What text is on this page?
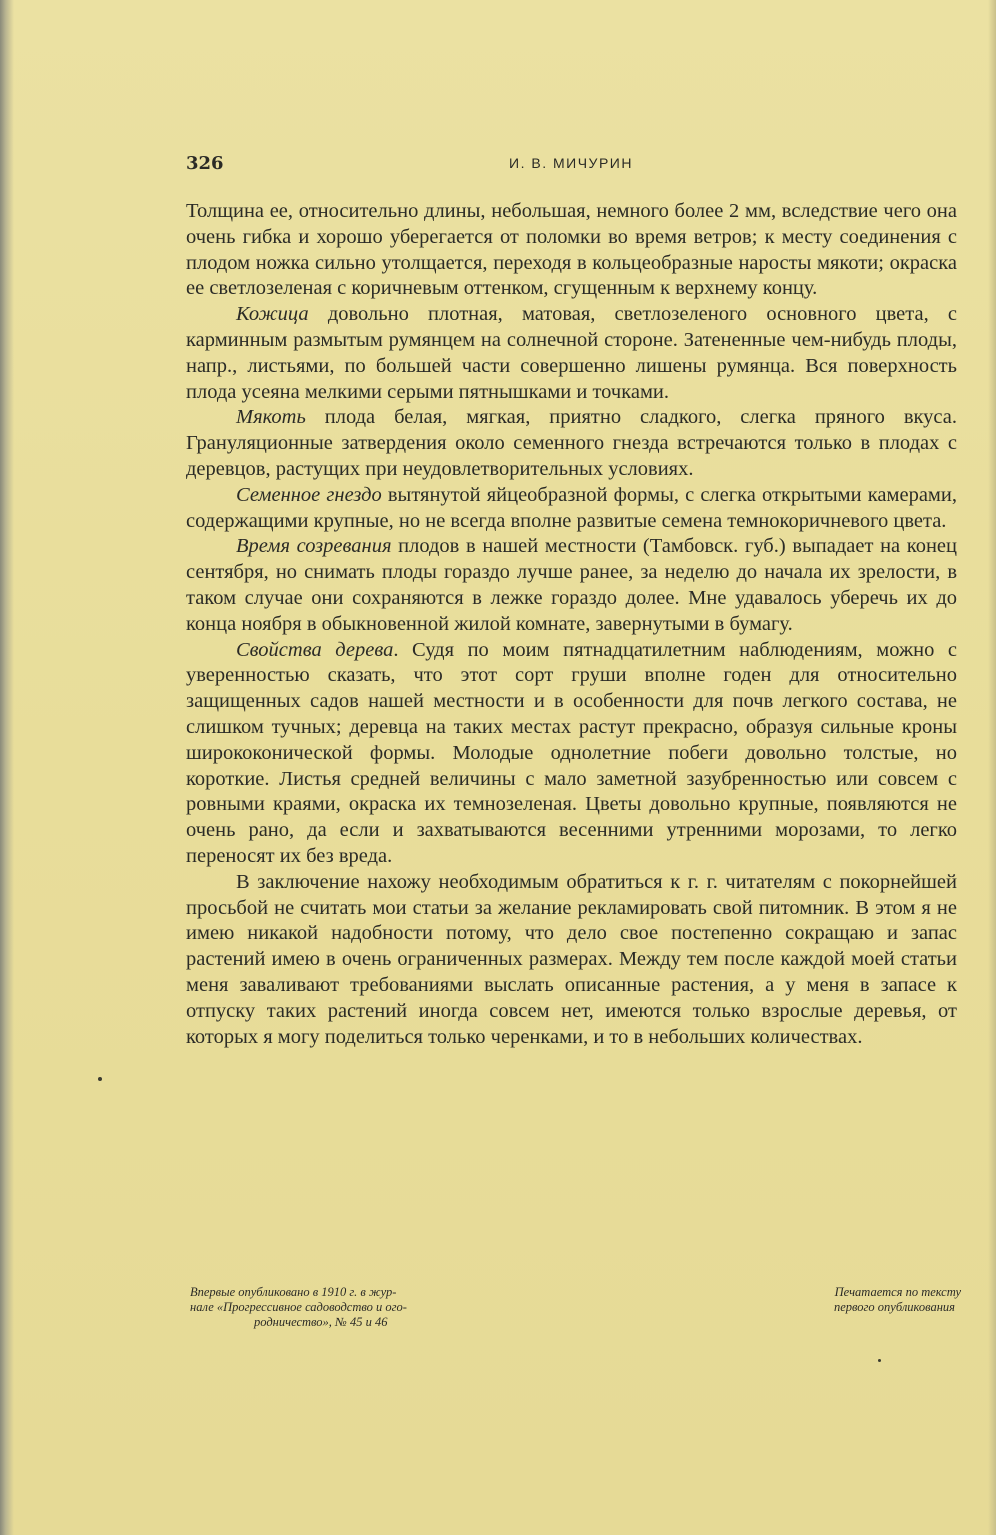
326	И. В. МИЧУРИН

Толщина ее, относительно длины, небольшая, немного более 2 мм, вследствие чего она очень гибка и хорошо уберегается от поломки во время ветров; к месту соединения с плодом ножка сильно утолщается, переходя в кольцеобразные наросты мякоти; окраска ее светлозеленая с коричневым оттенком, сгущенным к верхнему концу.

Кожица довольно плотная, матовая, светлозеленого основного цвета, с карминным размытым румянцем на солнечной стороне. Затененные чем-нибудь плоды, напр., листьями, по большей части совершенно лишены румянца. Вся поверхность плода усеяна мелкими серыми пятнышками и точками.

Мякоть плода белая, мягкая, приятно сладкого, слегка пряного вкуса. Грануляционные затвердения около семенного гнезда встречаются только в плодах с деревцов, растущих при неудовлетворительных условиях.

Семенное гнездо вытянутой яйцеобразной формы, с слегка открытыми камерами, содержащими крупные, но не всегда вполне развитые семена темнокоричневого цвета.

Время созревания плодов в нашей местности (Тамбовск. губ.) выпадает на конец сентября, но снимать плоды гораздо лучше ранее, за неделю до начала их зрелости, в таком случае они сохраняются в лежке гораздо долее. Мне удавалось уберечь их до конца ноября в обыкновенной жилой комнате, завернутыми в бумагу.

Свойства дерева. Судя по моим пятнадцатилетним наблюдениям, можно с уверенностью сказать, что этот сорт груши вполне годен для относительно защищенных садов нашей местности и в особенности для почв легкого состава, не слишком тучных; деревца на таких местах растут прекрасно, образуя сильные кроны ширококонической формы. Молодые однолетние побеги довольно толстые, но короткие. Листья средней величины с мало заметной зазубренностью или совсем с ровными краями, окраска их темнозеленая. Цветы довольно крупные, появляются не очень рано, да если и захватываются весенними утренними морозами, то легко переносят их без вреда.

В заключение нахожу необходимым обратиться к г. г. читателям с покорнейшей просьбой не считать мои статьи за желание рекламировать свой питомник. В этом я не имею никакой надобности потому, что дело свое постепенно сокращаю и запас растений имею в очень ограниченных размерах. Между тем после каждой моей статьи меня заваливают требованиями выслать описанные растения, а у меня в запасе к отпуску таких растений иногда совсем нет, имеются только взрослые деревья, от которых я могу поделиться только черенками, и то в небольших количествах.

Впервые опубликовано в 1910 г. в жур-
нале «Прогрессивное садоводство и ого-
родничество», № 45 и 46
Печатается по тексту
первого опубликования
